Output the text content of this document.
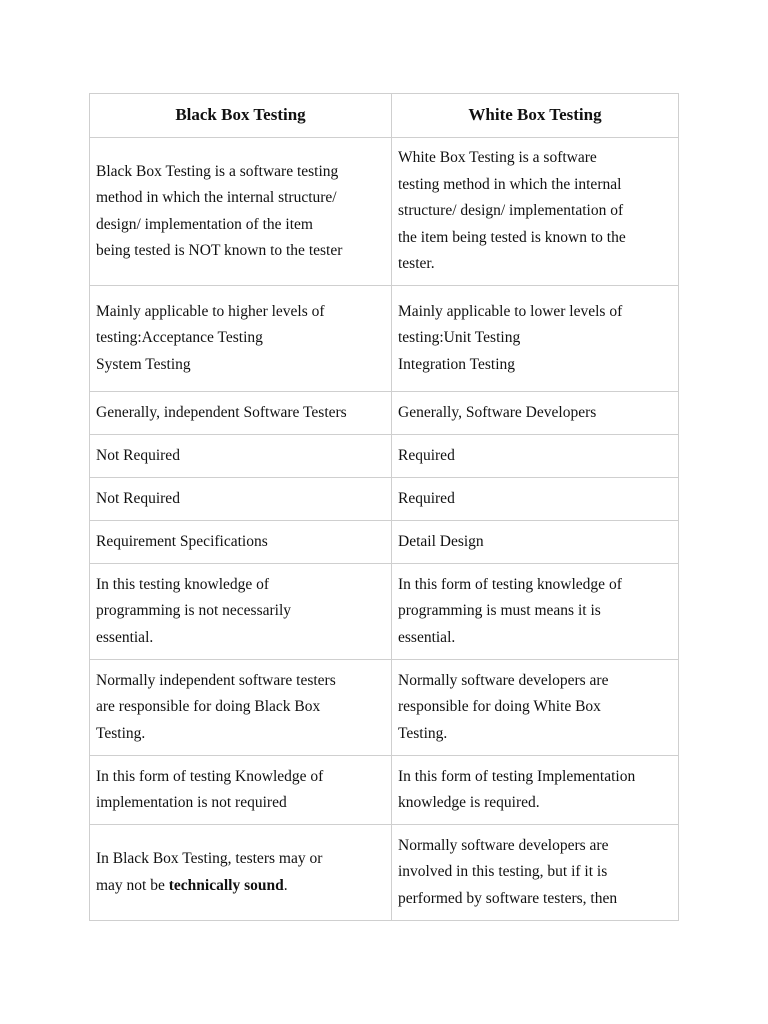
Black Box Testing	White Box Testing

Black Box Testing is a software testing
method in which the internal structure/
design/ implementation of the item
being tested is NOT known to the tester	White Box Testing is a software
testing method in which the internal
structure/ design/ implementation of
the item being tested is known to the
tester.

Mainly applicable to higher levels of
testing:Acceptance Testing
System Testing	Mainly applicable to lower levels of
testing:Unit Testing
Integration Testing

Generally, independent Software Testers	Generally, Software Developers

Not Required	Required

Not Required	Required

Requirement Specifications	Detail Design

In this testing knowledge of
programming is not necessarily
essential.	In this form of testing knowledge of
programming is must means it is
essential.

Normally independent software testers
are responsible for doing Black Box
Testing.	Normally software developers are
responsible for doing White Box
Testing.

In this form of testing Knowledge of
implementation is not required	In this form of testing Implementation
knowledge is required.

In Black Box Testing, testers may or
may not be technically sound.	Normally software developers are
involved in this testing, but if it is
performed by software testers, then
